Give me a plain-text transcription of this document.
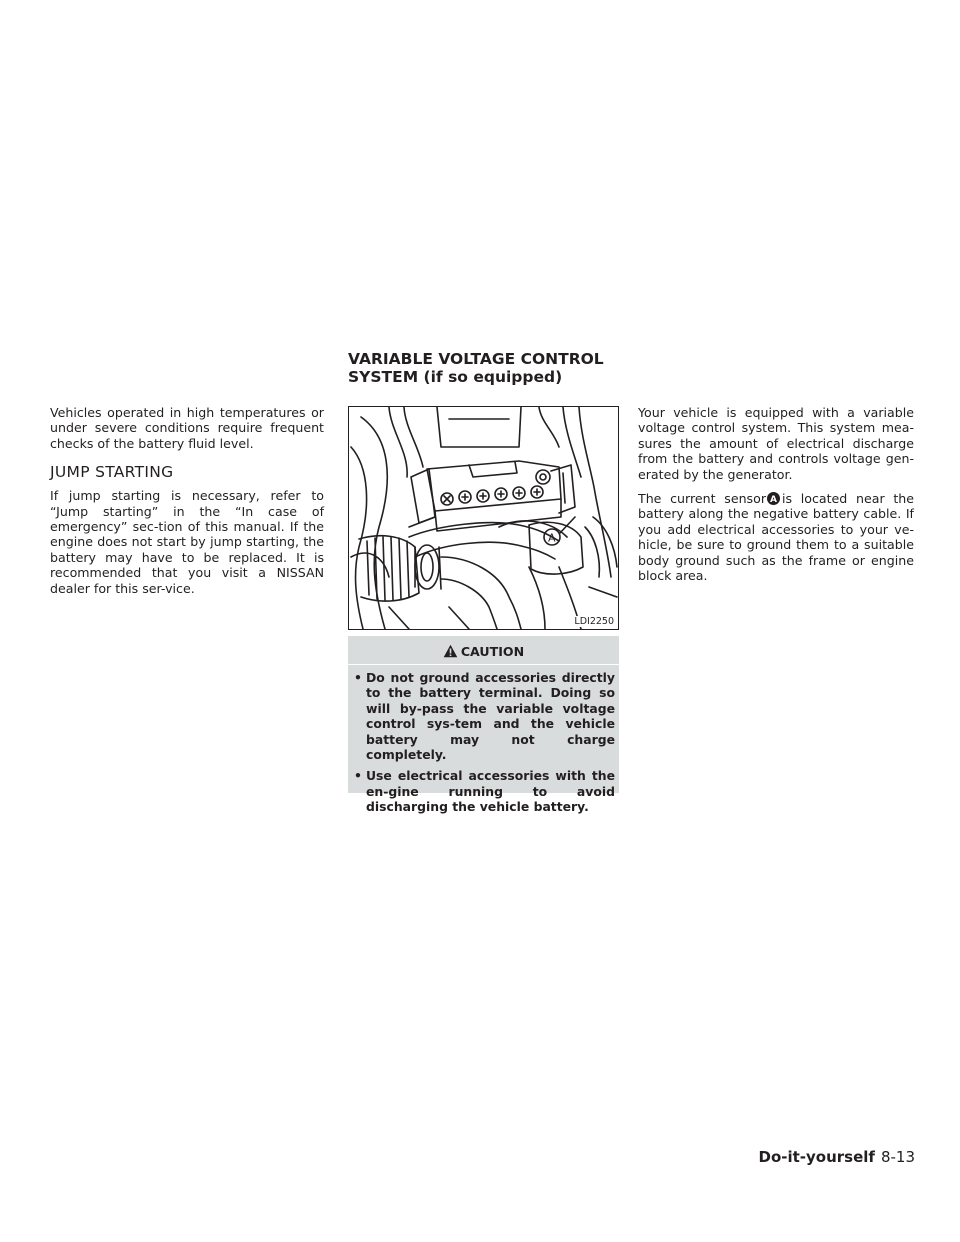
Vehicles operated in high temperatures or under severe conditions require frequent checks of the battery fluid level.

JUMP STARTING

If jump starting is necessary, refer to “Jump starting” in the “In case of emergency” sec-tion of this manual. If the engine does not start by jump starting, the battery may have to be replaced. It is recommended that you visit a NISSAN dealer for this ser-vice.

VARIABLE VOLTAGE CONTROL
SYSTEM (if so equipped)
A
LDI2250
CAUTION
• Do not ground accessories directly to the battery terminal. Doing so will by-pass the variable voltage control sys-tem and the vehicle battery may not charge completely.
• Use electrical accessories with the en-gine running to avoid discharging the vehicle battery.

Your vehicle is equipped with a variable voltage control system. This system mea-sures the amount of electrical discharge from the battery and controls voltage gen-erated by the generator.

The current sensor A is located near the battery along the negative battery cable. If you add electrical accessories to your ve-hicle, be sure to ground them to a suitable body ground such as the frame or engine block area.

Do-it-yourself 8-13
